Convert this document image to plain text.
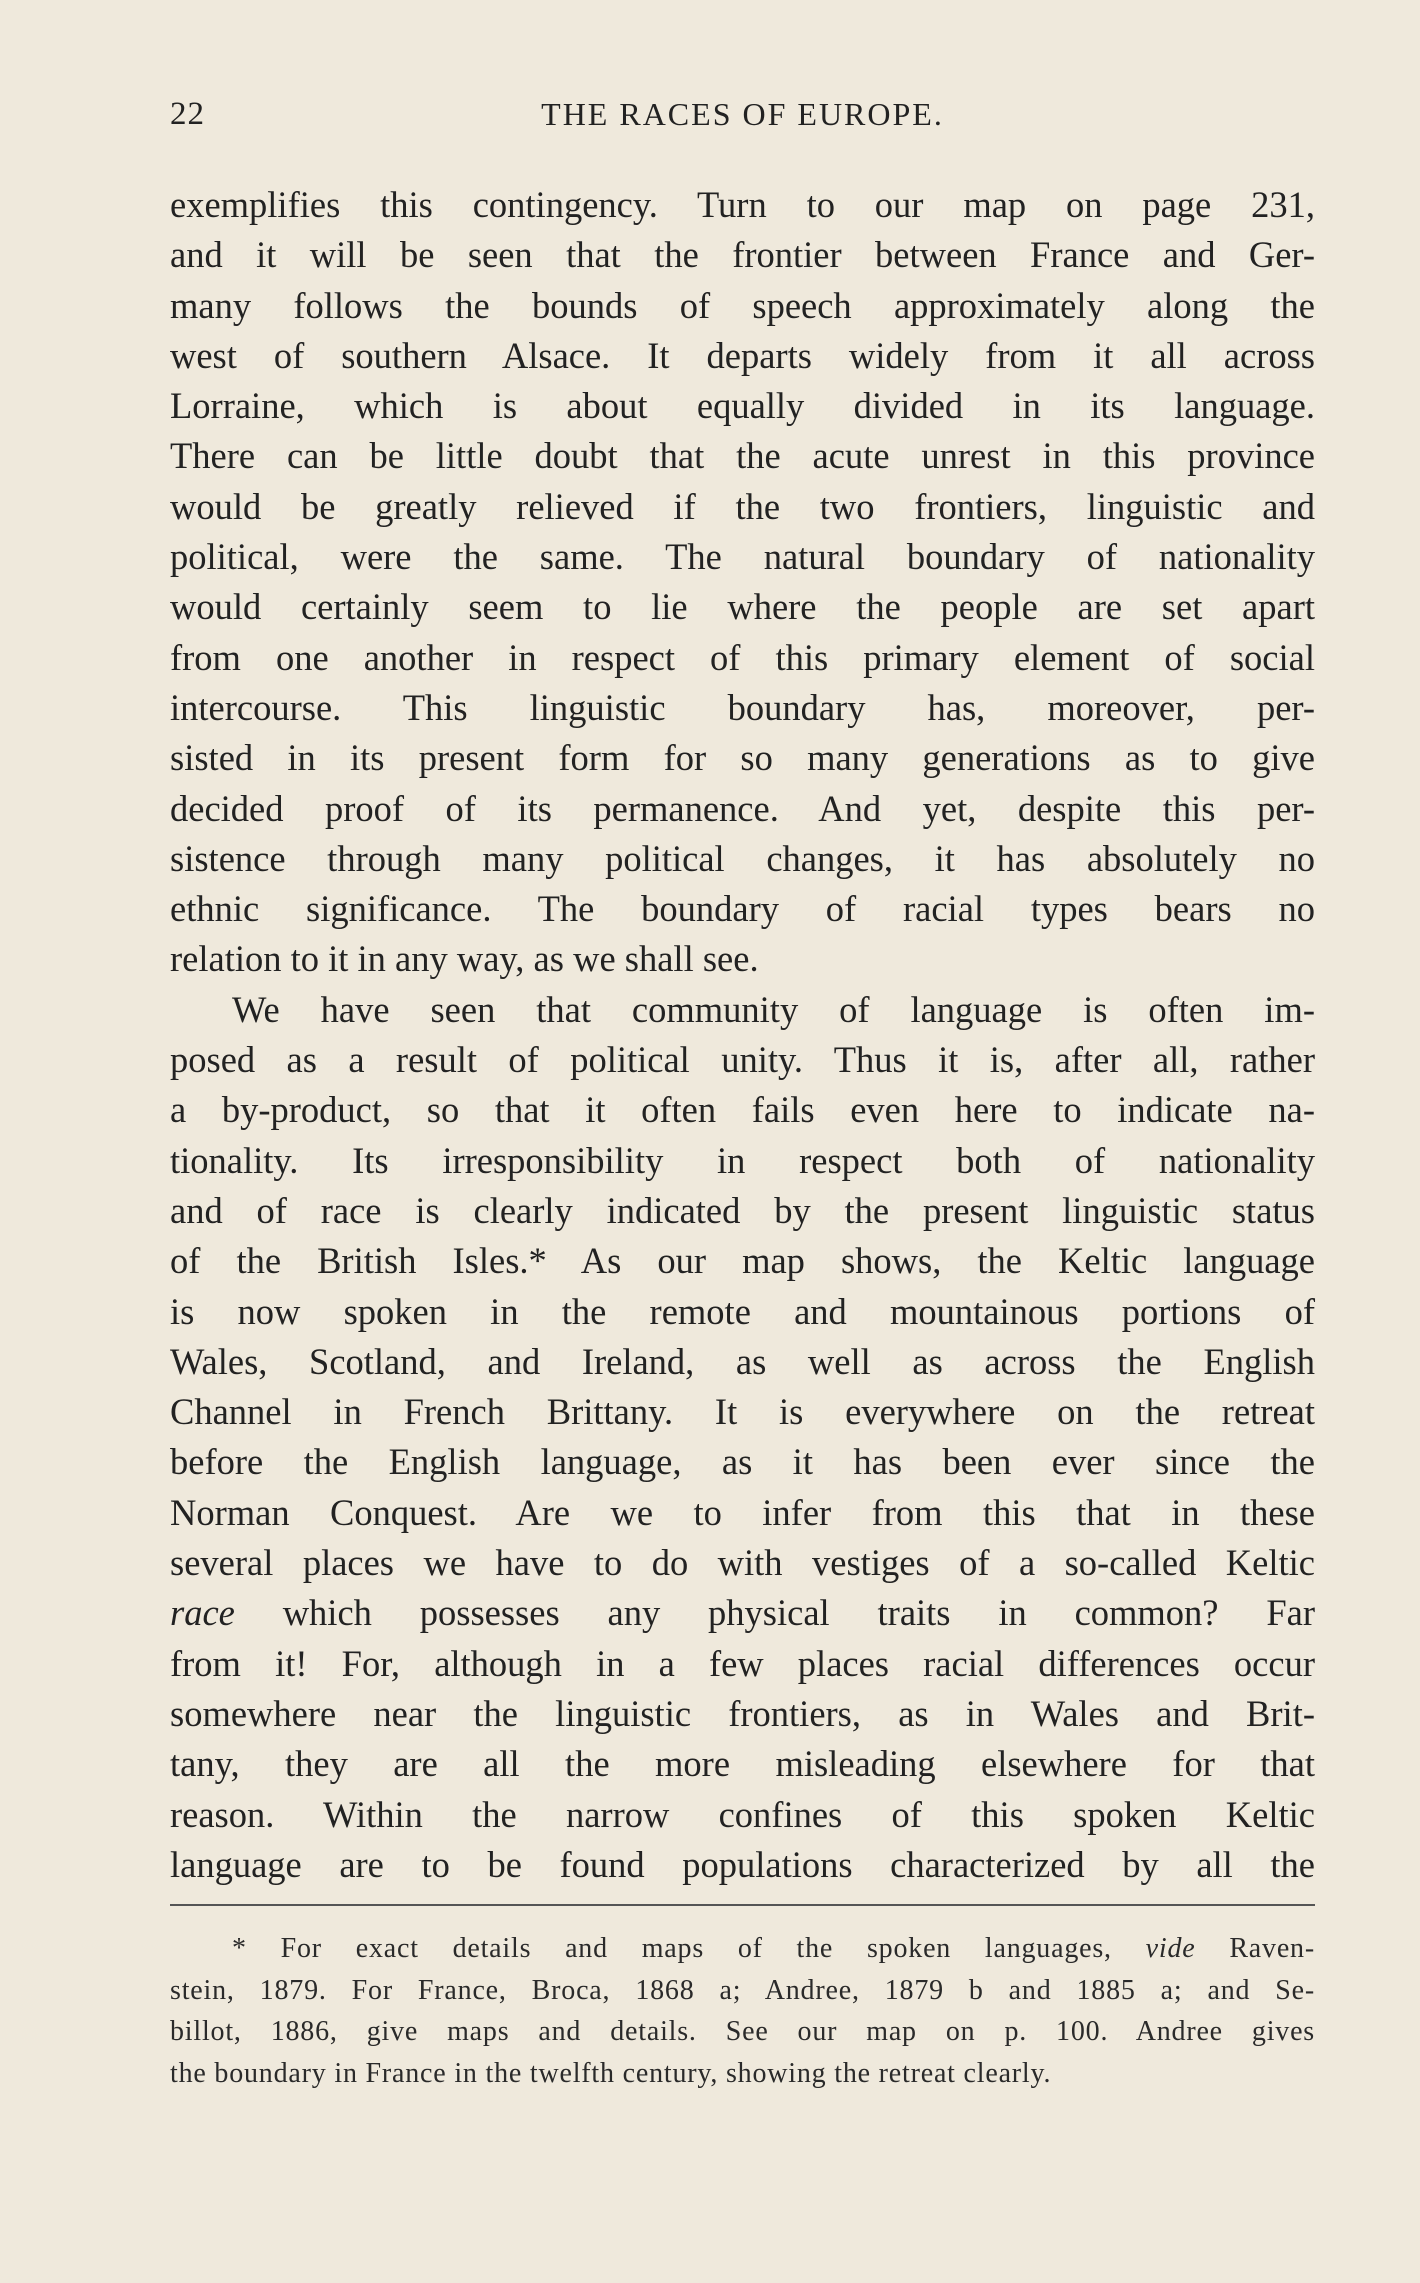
22	THE RACES OF EUROPE.
exemplifies this contingency. Turn to our map on page 231,
and it will be seen that the frontier between France and Ger-
many follows the bounds of speech approximately along the
west of southern Alsace. It departs widely from it all across
Lorraine, which is about equally divided in its language.
There can be little doubt that the acute unrest in this province
would be greatly relieved if the two frontiers, linguistic and
political, were the same. The natural boundary of nationality
would certainly seem to lie where the people are set apart
from one another in respect of this primary element of social
intercourse. This linguistic boundary has, moreover, per-
sisted in its present form for so many generations as to give
decided proof of its permanence. And yet, despite this per-
sistence through many political changes, it has absolutely no
ethnic significance. The boundary of racial types bears no
relation to it in any way, as we shall see.
We have seen that community of language is often im-
posed as a result of political unity. Thus it is, after all, rather
a by-product, so that it often fails even here to indicate na-
tionality. Its irresponsibility in respect both of nationality
and of race is clearly indicated by the present linguistic status
of the British Isles.* As our map shows, the Keltic language
is now spoken in the remote and mountainous portions of
Wales, Scotland, and Ireland, as well as across the English
Channel in French Brittany. It is everywhere on the retreat
before the English language, as it has been ever since the
Norman Conquest. Are we to infer from this that in these
several places we have to do with vestiges of a so-called Keltic
race which possesses any physical traits in common? Far
from it! For, although in a few places racial differences occur
somewhere near the linguistic frontiers, as in Wales and Brit-
tany, they are all the more misleading elsewhere for that
reason. Within the narrow confines of this spoken Keltic
language are to be found populations characterized by all the
* For exact details and maps of the spoken languages, vide Raven-
stein, 1879. For France, Broca, 1868 a; Andree, 1879 b and 1885 a; and Se-
billot, 1886, give maps and details. See our map on p. 100. Andree gives
the boundary in France in the twelfth century, showing the retreat clearly.
